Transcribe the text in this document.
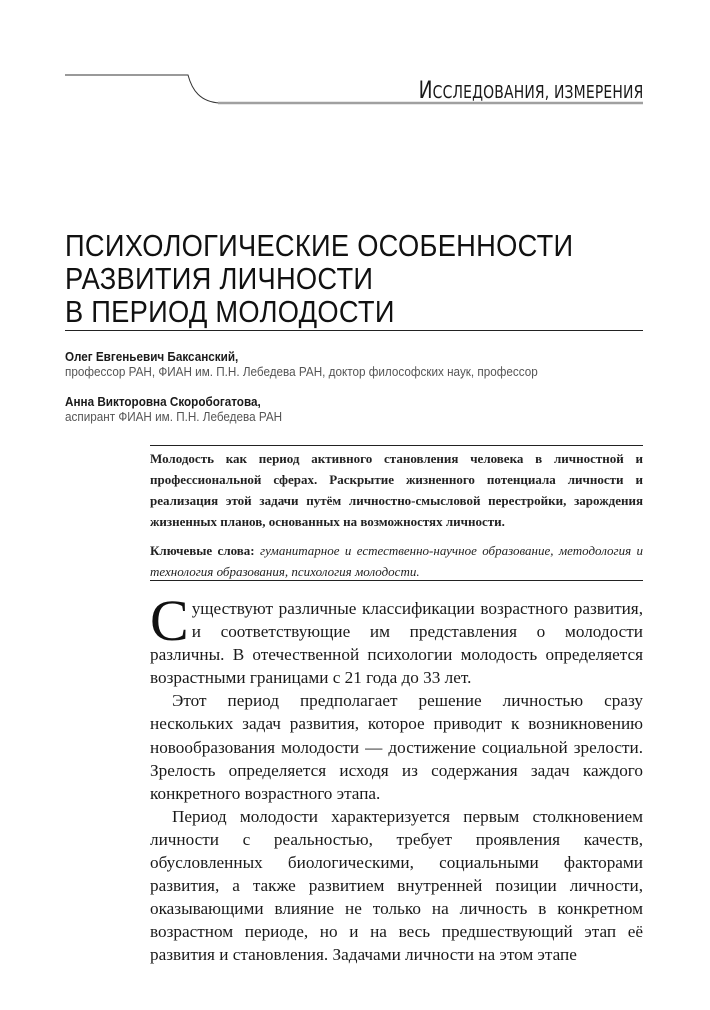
ИССЛЕДОВАНИЯ, ИЗМЕРЕНИЯ
ПСИХОЛОГИЧЕСКИЕ ОСОБЕННОСТИ
РАЗВИТИЯ ЛИЧНОСТИ
В ПЕРИОД МОЛОДОСТИ
Олег Евгеньевич Баксанский,
профессор РАН, ФИАН им. П.Н. Лебедева РАН, доктор философских наук, профессор
Анна Викторовна Скоробогатова,
аспирант ФИАН им. П.Н. Лебедева РАН
Молодость как период активного становления человека в личностной и профессиональной сферах. Раскрытие жизненного потенциала личности и реализация этой задачи путём личностно-смысловой перестройки, зарождения жизненных планов, основанных на возможностях личности.
Ключевые слова: гуманитарное и естественно-научное образование, методология и технология образования, психология молодости.

Существуют различные классификации возрастного развития, и соответствующие им представления о молодости различны. В отечественной психологии молодость определяется возрастными границами с 21 года до 33 лет.

Этот период предполагает решение личностью сразу нескольких задач развития, которое приводит к возникновению новообразования молодости — достижение социальной зрелости. Зрелость определяется исходя из содержания задач каждого конкретного возрастного этапа.

Период молодости характеризуется первым столкновением личности с реальностью, требует проявления качеств, обусловленных биологическими, социальными факторами развития, а также развитием внутренней позиции личности, оказывающими влияние не только на личность в конкретном возрастном периоде, но и на весь предшествующий этап её развития и становления. Задачами личности на этом этапе
